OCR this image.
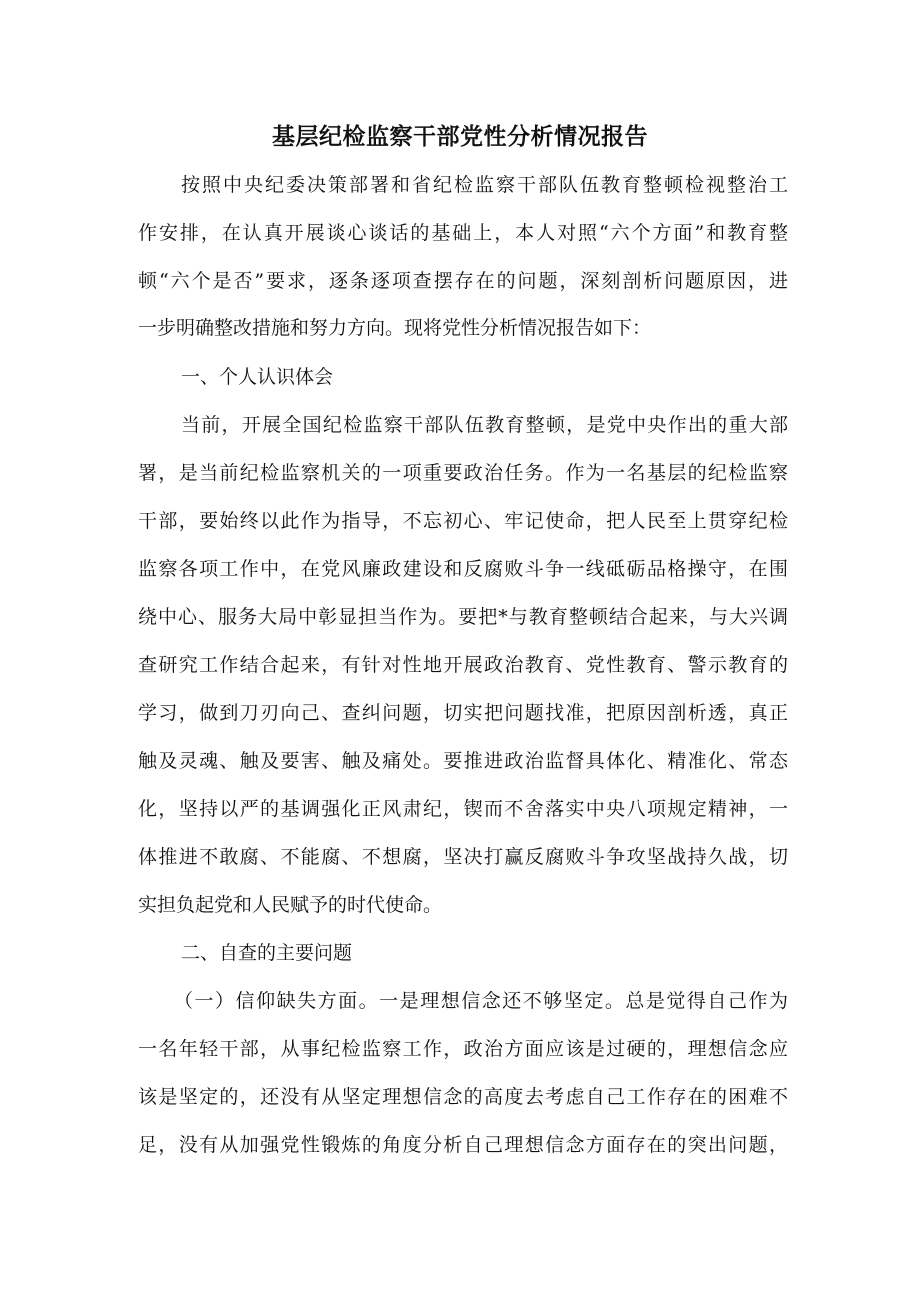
基层纪检监察干部党性分析情况报告
按照中央纪委决策部署和省纪检监察干部队伍教育整顿检视整治工
作安排，在认真开展谈心谈话的基础上，本人对照“六个方面”和教育整
顿“六个是否”要求，逐条逐项查摆存在的问题，深刻剖析问题原因，进
一步明确整改措施和努力方向。现将党性分析情况报告如下：
一、个人认识体会
当前，开展全国纪检监察干部队伍教育整顿，是党中央作出的重大部
署，是当前纪检监察机关的一项重要政治任务。作为一名基层的纪检监察
干部，要始终以此作为指导，不忘初心、牢记使命，把人民至上贯穿纪检
监察各项工作中，在党风廉政建设和反腐败斗争一线砥砺品格操守，在围
绕中心、服务大局中彰显担当作为。要把*与教育整顿结合起来，与大兴调
查研究工作结合起来，有针对性地开展政治教育、党性教育、警示教育的
学习，做到刀刃向己、查纠问题，切实把问题找准，把原因剖析透，真正
触及灵魂、触及要害、触及痛处。要推进政治监督具体化、精准化、常态
化，坚持以严的基调强化正风肃纪，锲而不舍落实中央八项规定精神，一
体推进不敢腐、不能腐、不想腐，坚决打赢反腐败斗争攻坚战持久战，切
实担负起党和人民赋予的时代使命。
二、自查的主要问题
（一）信仰缺失方面。一是理想信念还不够坚定。总是觉得自己作为
一名年轻干部，从事纪检监察工作，政治方面应该是过硬的，理想信念应
该是坚定的，还没有从坚定理想信念的高度去考虑自己工作存在的困难不
足，没有从加强党性锻炼的角度分析自己理想信念方面存在的突出问题，
